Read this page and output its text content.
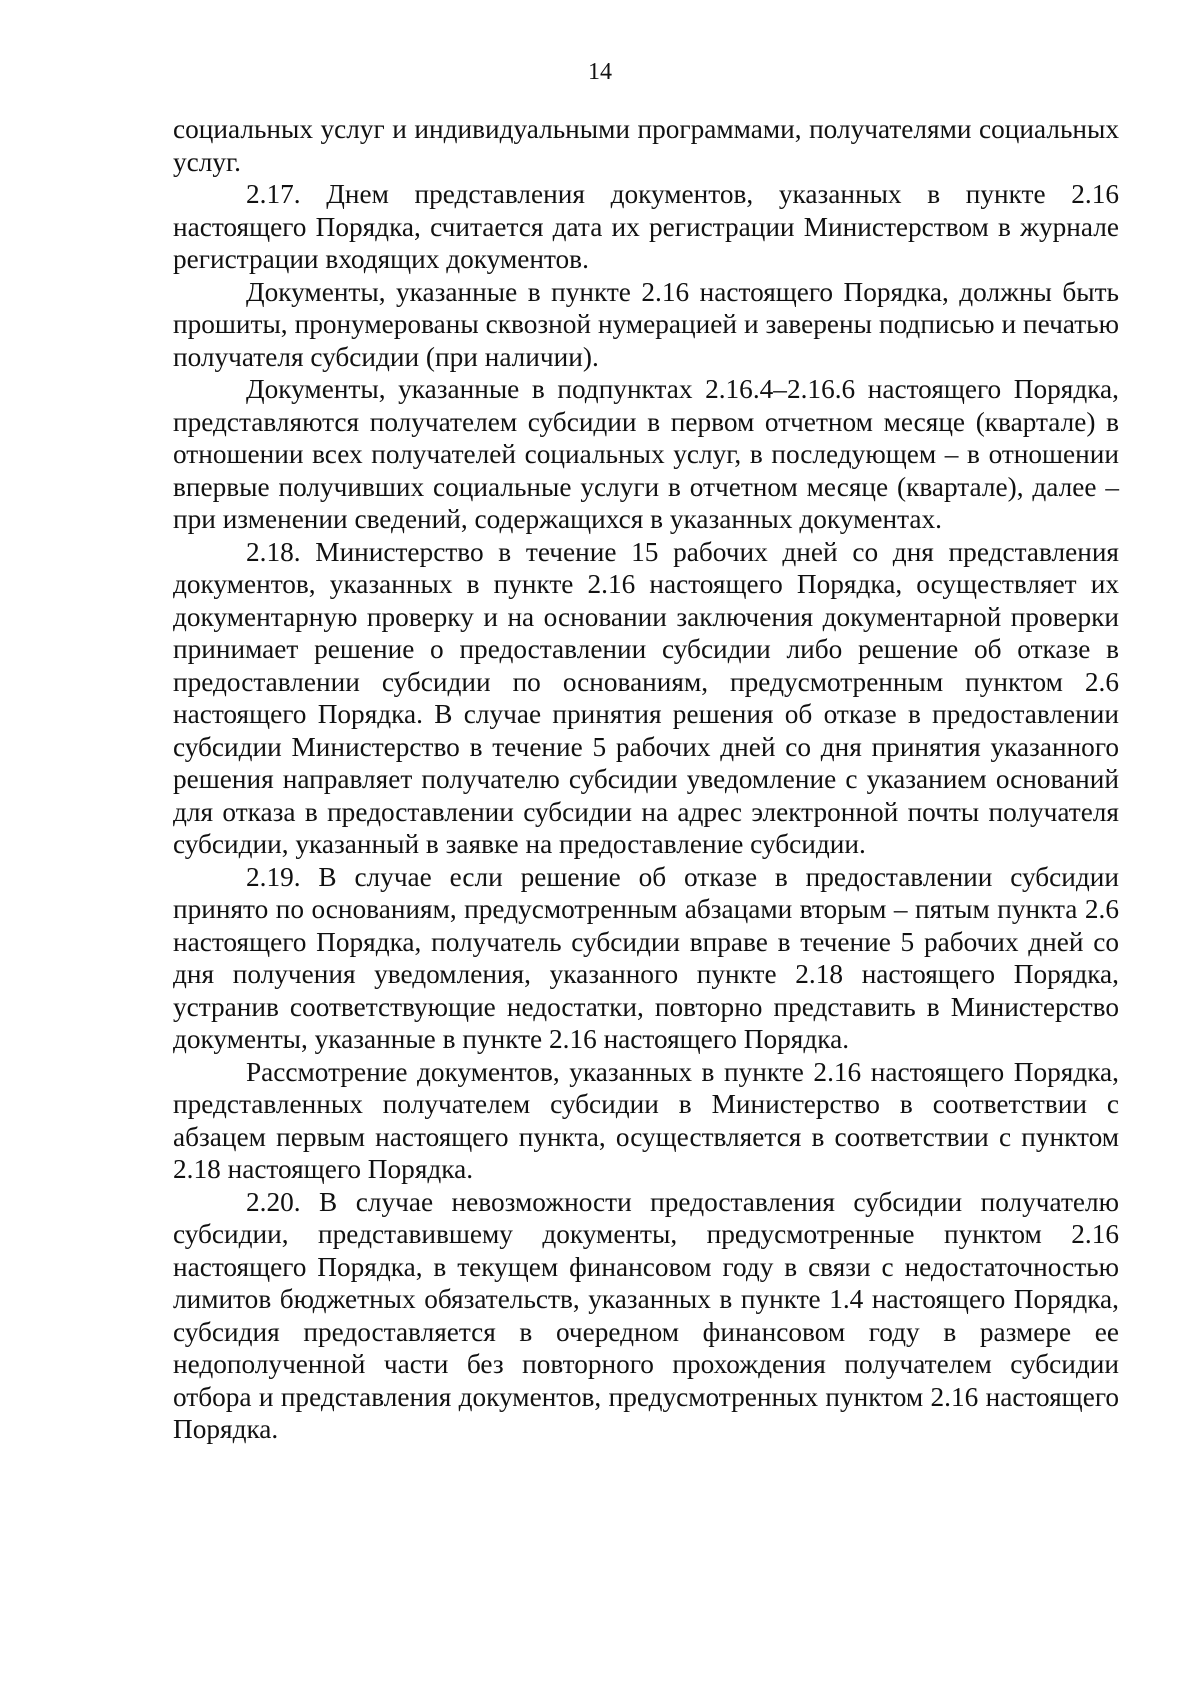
14

социальных услуг и индивидуальными программами, получателями социальных услуг.

2.17. Днем представления документов, указанных в пункте 2.16 настоящего Порядка, считается дата их регистрации Министерством в журнале регистрации входящих документов.

Документы, указанные в пункте 2.16 настоящего Порядка, должны быть прошиты, пронумерованы сквозной нумерацией и заверены подписью и печатью получателя субсидии (при наличии).

Документы, указанные в подпунктах 2.16.4–2.16.6 настоящего Порядка, представляются получателем субсидии в первом отчетном месяце (квартале) в отношении всех получателей социальных услуг, в последующем – в отношении впервые получивших социальные услуги в отчетном месяце (квартале), далее – при изменении сведений, содержащихся в указанных документах.

2.18. Министерство в течение 15 рабочих дней со дня представления документов, указанных в пункте 2.16 настоящего Порядка, осуществляет их документарную проверку и на основании заключения документарной проверки принимает решение о предоставлении субсидии либо решение об отказе в предоставлении субсидии по основаниям, предусмотренным пунктом 2.6 настоящего Порядка. В случае принятия решения об отказе в предоставлении субсидии Министерство в течение 5 рабочих дней со дня принятия указанного решения направляет получателю субсидии уведомление с указанием оснований для отказа в предоставлении субсидии на адрес электронной почты получателя субсидии, указанный в заявке на предоставление субсидии.

2.19. В случае если решение об отказе в предоставлении субсидии принято по основаниям, предусмотренным абзацами вторым – пятым пункта 2.6 настоящего Порядка, получатель субсидии вправе в течение 5 рабочих дней со дня получения уведомления, указанного пункте 2.18 настоящего Порядка, устранив соответствующие недостатки, повторно представить в Министерство документы, указанные в пункте 2.16 настоящего Порядка.

Рассмотрение документов, указанных в пункте 2.16 настоящего Порядка, представленных получателем субсидии в Министерство в соответствии с абзацем первым настоящего пункта, осуществляется в соответствии с пунктом 2.18 настоящего Порядка.

2.20. В случае невозможности предоставления субсидии получателю субсидии, представившему документы, предусмотренные пунктом 2.16 настоящего Порядка, в текущем финансовом году в связи с недостаточностью лимитов бюджетных обязательств, указанных в пункте 1.4 настоящего Порядка, субсидия предоставляется в очередном финансовом году в размере ее недополученной части без повторного прохождения получателем субсидии отбора и представления документов, предусмотренных пунктом 2.16 настоящего Порядка.
